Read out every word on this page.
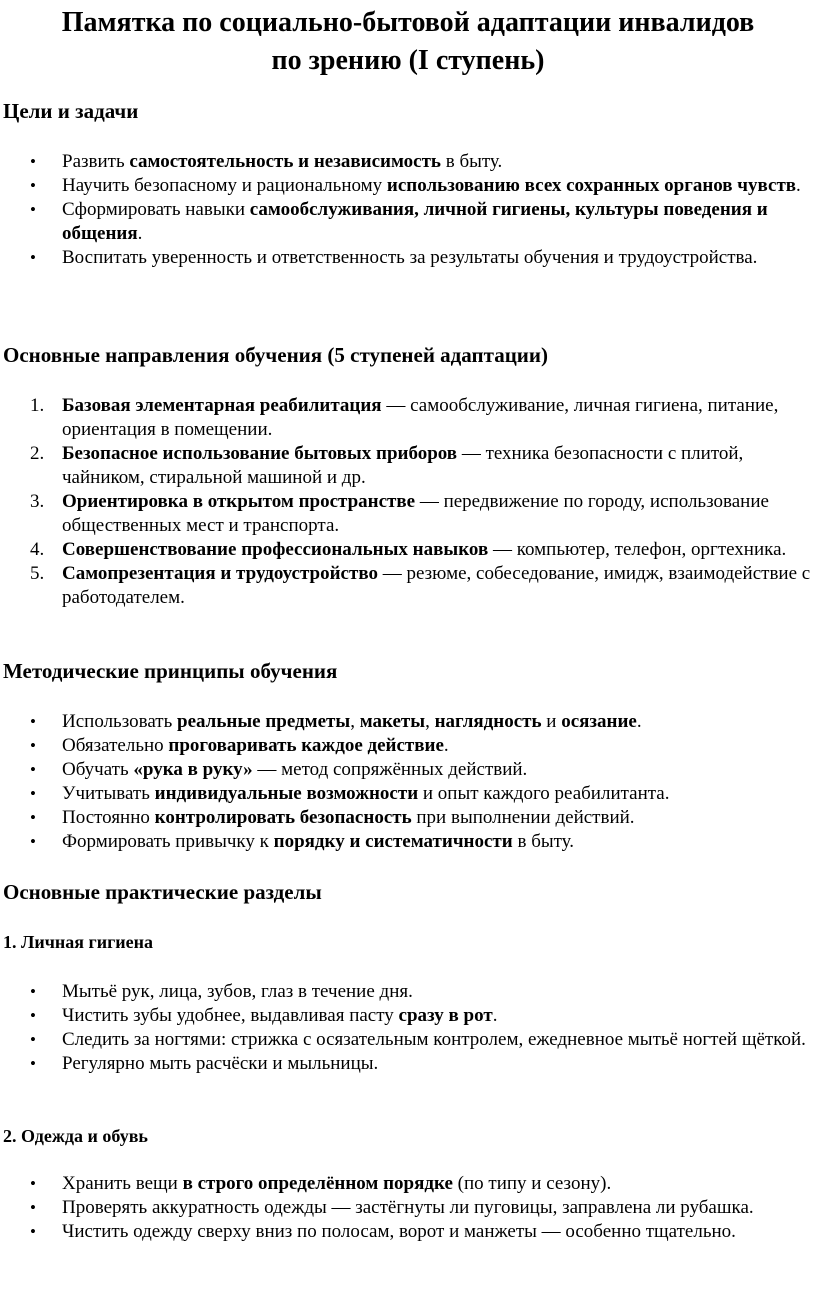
Памятка по социально-бытовой адаптации инвалидов
по зрению (I ступень)
Цели и задачи
• Развить самостоятельность и независимость в быту.
• Научить безопасному и рациональному использованию всех сохранных органов чувств.
• Сформировать навыки самообслуживания, личной гигиены, культуры поведения и общения.
• Воспитать уверенность и ответственность за результаты обучения и трудоустройства.
Основные направления обучения (5 ступеней адаптации)
1. Базовая элементарная реабилитация — самообслуживание, личная гигиена, питание, ориентация в помещении.
2. Безопасное использование бытовых приборов — техника безопасности с плитой, чайником, стиральной машиной и др.
3. Ориентировка в открытом пространстве — передвижение по городу, использование общественных мест и транспорта.
4. Совершенствование профессиональных навыков — компьютер, телефон, оргтехника.
5. Самопрезентация и трудоустройство — резюме, собеседование, имидж, взаимодействие с работодателем.
Методические принципы обучения
• Использовать реальные предметы, макеты, наглядность и осязание.
• Обязательно проговаривать каждое действие.
• Обучать «рука в руку» — метод сопряжённых действий.
• Учитывать индивидуальные возможности и опыт каждого реабилитанта.
• Постоянно контролировать безопасность при выполнении действий.
• Формировать привычку к порядку и систематичности в быту.
Основные практические разделы
1. Личная гигиена
• Мытьё рук, лица, зубов, глаз в течение дня.
• Чистить зубы удобнее, выдавливая пасту сразу в рот.
• Следить за ногтями: стрижка с осязательным контролем, ежедневное мытьё ногтей щёткой.
• Регулярно мыть расчёски и мыльницы.
2. Одежда и обувь
• Хранить вещи в строго определённом порядке (по типу и сезону).
• Проверять аккуратность одежды — застёгнуты ли пуговицы, заправлена ли рубашка.
• Чистить одежду сверху вниз по полосам, ворот и манжеты — особенно тщательно.
